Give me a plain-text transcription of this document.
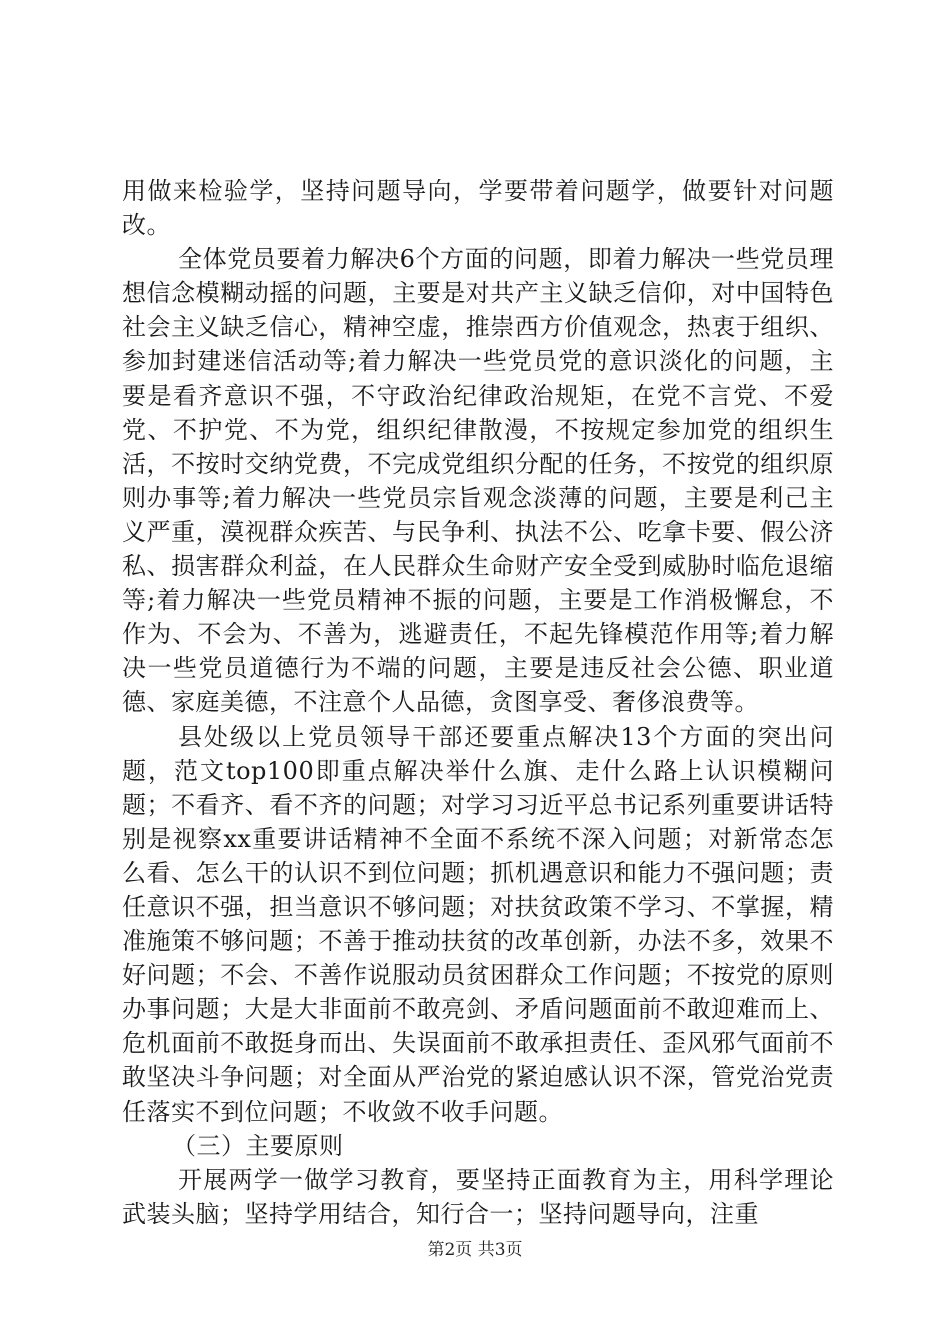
用做来检验学，坚持问题导向，学要带着问题学，做要针对问题改。

全体党员要着力解决6个方面的问题，即着力解决一些党员理想信念模糊动摇的问题，主要是对共产主义缺乏信仰，对中国特色社会主义缺乏信心，精神空虚，推崇西方价值观念，热衷于组织、参加封建迷信活动等;着力解决一些党员党的意识淡化的问题，主要是看齐意识不强，不守政治纪律政治规矩，在党不言党、不爱党、不护党、不为党，组织纪律散漫，不按规定参加党的组织生活，不按时交纳党费，不完成党组织分配的任务，不按党的组织原则办事等;着力解决一些党员宗旨观念淡薄的问题，主要是利己主义严重，漠视群众疾苦、与民争利、执法不公、吃拿卡要、假公济私、损害群众利益，在人民群众生命财产安全受到威胁时临危退缩等;着力解决一些党员精神不振的问题，主要是工作消极懈怠，不作为、不会为、不善为，逃避责任，不起先锋模范作用等;着力解决一些党员道德行为不端的问题，主要是违反社会公德、职业道德、家庭美德，不注意个人品德，贪图享受、奢侈浪费等。

县处级以上党员领导干部还要重点解决13个方面的突出问题，范文top100即重点解决举什么旗、走什么路上认识模糊问题；不看齐、看不齐的问题；对学习习近平总书记系列重要讲话特别是视察xx重要讲话精神不全面不系统不深入问题；对新常态怎么看、怎么干的认识不到位问题；抓机遇意识和能力不强问题；责任意识不强，担当意识不够问题；对扶贫政策不学习、不掌握，精准施策不够问题；不善于推动扶贫的改革创新，办法不多，效果不好问题；不会、不善作说服动员贫困群众工作问题；不按党的原则办事问题；大是大非面前不敢亮剑、矛盾问题面前不敢迎难而上、危机面前不敢挺身而出、失误面前不敢承担责任、歪风邪气面前不敢坚决斗争问题；对全面从严治党的紧迫感认识不深，管党治党责任落实不到位问题；不收敛不收手问题。

（三）主要原则

开展两学一做学习教育，要坚持正面教育为主，用科学理论武装头脑；坚持学用结合，知行合一；坚持问题导向，注重

第2页 共3页
